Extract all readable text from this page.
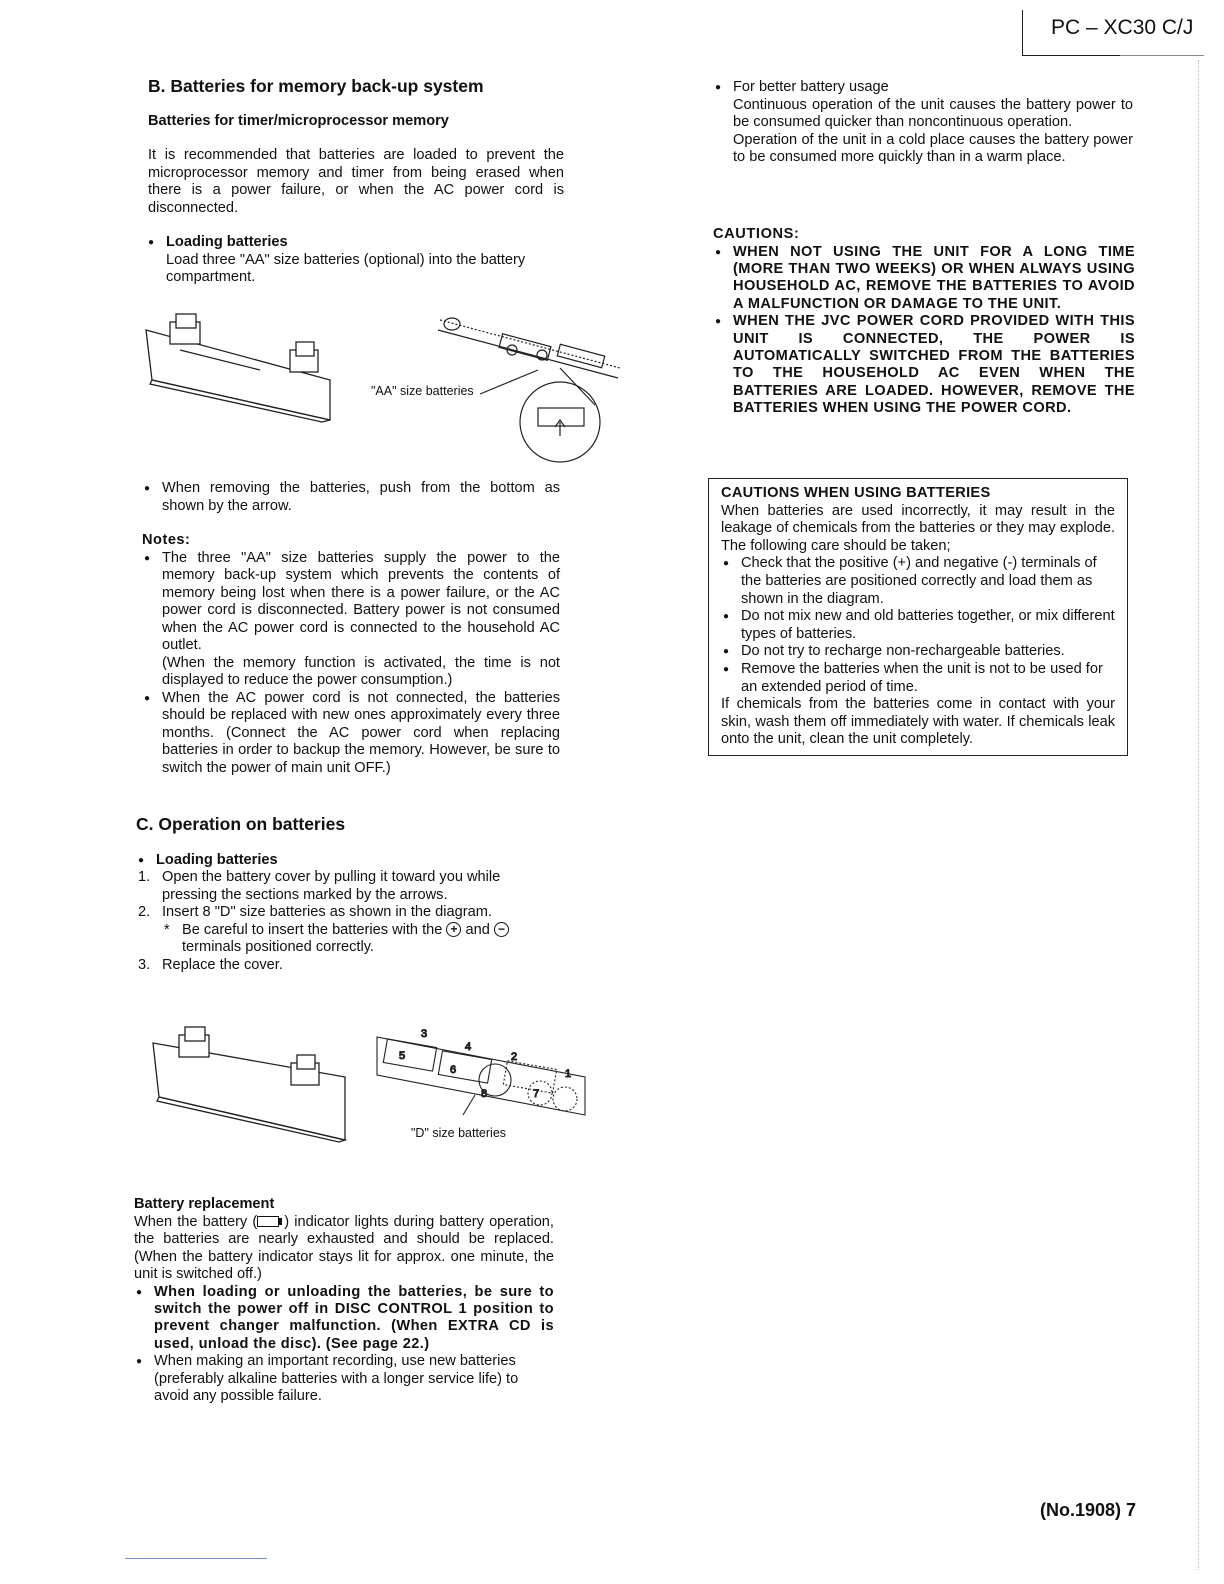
PC – XC30 C/J
B. Batteries for memory back-up system
Batteries for timer/microprocessor memory

It is recommended that batteries are loaded to prevent the microprocessor memory and timer from being erased when there is a power failure, or when the AC power cord is disconnected.

● Loading batteries

Load three "AA" size batteries (optional) into the battery compartment.

"AA" size batteries
● When removing the batteries, push from the bottom as shown by the arrow.
Notes:

● The three "AA" size batteries supply the power to the memory back-up system which prevents the contents of memory being lost when there is a power failure, or the AC power cord is disconnected. Battery power is not consumed when the AC power cord is connected to the household AC outlet.

(When the memory function is activated, the time is not displayed to reduce the power consumption.)

● When the AC power cord is not connected, the batteries should be replaced with new ones approximately every three months. (Connect the AC power cord when replacing batteries in order to backup the memory. However, be sure to switch the power of main unit OFF.)
C. Operation on batteries
● Loading batteries
1. Open the battery cover by pulling it toward you while pressing the sections marked by the arrows.
2. Insert 8 "D" size batteries as shown in the diagram.
* Be careful to insert the batteries with the + and −
terminals positioned correctly.
3. Replace the cover.
5
6
8	7
1
2
3
4
"D" size batteries
Battery replacement

When the battery ( ) indicator lights during battery operation, the batteries are nearly exhausted and should be replaced. (When the battery indicator stays lit for approx. one minute, the unit is switched off.)

● When loading or unloading the batteries, be sure to switch the power off in DISC CONTROL 1 position to prevent changer malfunction. (When EXTRA CD is used, unload the disc). (See page 22.)
● When making an important recording, use new batteries (preferably alkaline batteries with a longer service life) to avoid any possible failure.
● For better battery usage

Continuous operation of the unit causes the battery power to be consumed quicker than noncontinuous operation.

Operation of the unit in a cold place causes the battery power to be consumed more quickly than in a warm place.

CAUTIONS:
● WHEN NOT USING THE UNIT FOR A LONG TIME (MORE THAN TWO WEEKS) OR WHEN ALWAYS USING HOUSEHOLD AC, REMOVE THE BATTERIES TO AVOID A MALFUNCTION OR DAMAGE TO THE UNIT.
● WHEN THE JVC POWER CORD PROVIDED WITH THIS UNIT IS CONNECTED, THE POWER IS AUTOMATICALLY SWITCHED FROM THE BATTERIES TO THE HOUSEHOLD AC EVEN WHEN THE BATTERIES ARE LOADED. HOWEVER, REMOVE THE BATTERIES WHEN USING THE POWER CORD.
CAUTIONS WHEN USING BATTERIES

When batteries are used incorrectly, it may result in the leakage of chemicals from the batteries or they may explode. The following care should be taken;

● Check that the positive (+) and negative (-) terminals of the batteries are positioned correctly and load them as shown in the diagram.
● Do not mix new and old batteries together, or mix different types of batteries.
● Do not try to recharge non-rechargeable batteries.
● Remove the batteries when the unit is not to be used for an extended period of time.

If chemicals from the batteries come in contact with your skin, wash them off immediately with water. If chemicals leak onto the unit, clean the unit completely.

(No.1908) 7
